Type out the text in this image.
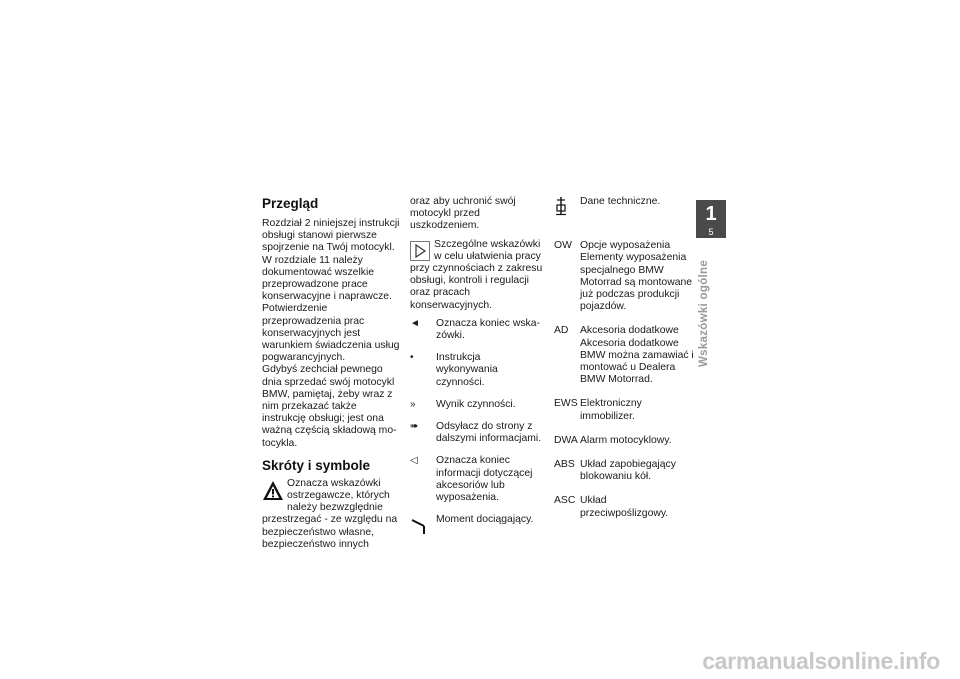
Przegląd

Rozdział 2 niniejszej instrukcji obsługi stanowi pierwsze spojrzenie na Twój motocykl. W rozdziale 11 należy dokumentować wszelkie przeprowadzone prace konserwacyjne i naprawcze. Potwierdzenie przeprowadzenia prac konserwacyjnych jest warunkiem świadczenia usług pogwarancyjnych.

Gdybyś zechciał pewnego dnia sprzedać swój motocykl BMW, pamiętaj, żeby wraz z nim przekazać także instrukcję obsługi; jest ona ważną częścią składową motocykla.

Skróty i symbole

Oznacza wskazówki ostrzegawcze, których należy bezwzględnie przestrzegać - ze względu na bezpieczeństwo własne, bezpieczeństwo innych

oraz aby uchronić swój motocykl przed uszkodzeniem.

Szczególne wskazówki w celu ułatwienia pracy przy czynnościach z zakresu obsługi, kontroli i regulacji oraz pracach konserwacyjnych.

◄	Oznacza koniec wskazówki.
•	Instrukcja wykonywania czynności.
»	Wynik czynności.
➠	Odsyłacz do strony z dalszymi informacjami.
◁	Oznacza koniec informacji dotyczącej akcesoriów lub wyposażenia.
Moment dociągający.
Dane techniczne.
OW Opcje wyposażenia Elementy wyposażenia specjalnego BMW Motorrad są montowane już podczas produkcji pojazdów.
AD	Akcesoria dodatkowe Akcesoria dodatkowe BMW można zamawiać i montować u Dealera BMW Motorrad.
EWS Elektroniczny immobilizer.
DWA Alarm motocyklowy.
ABS Układ zapobiegający blokowaniu kół.
ASC Układ przeciwpoślizgowy.
1
5
Wskazówki ogólne
carmanualsonline.info
